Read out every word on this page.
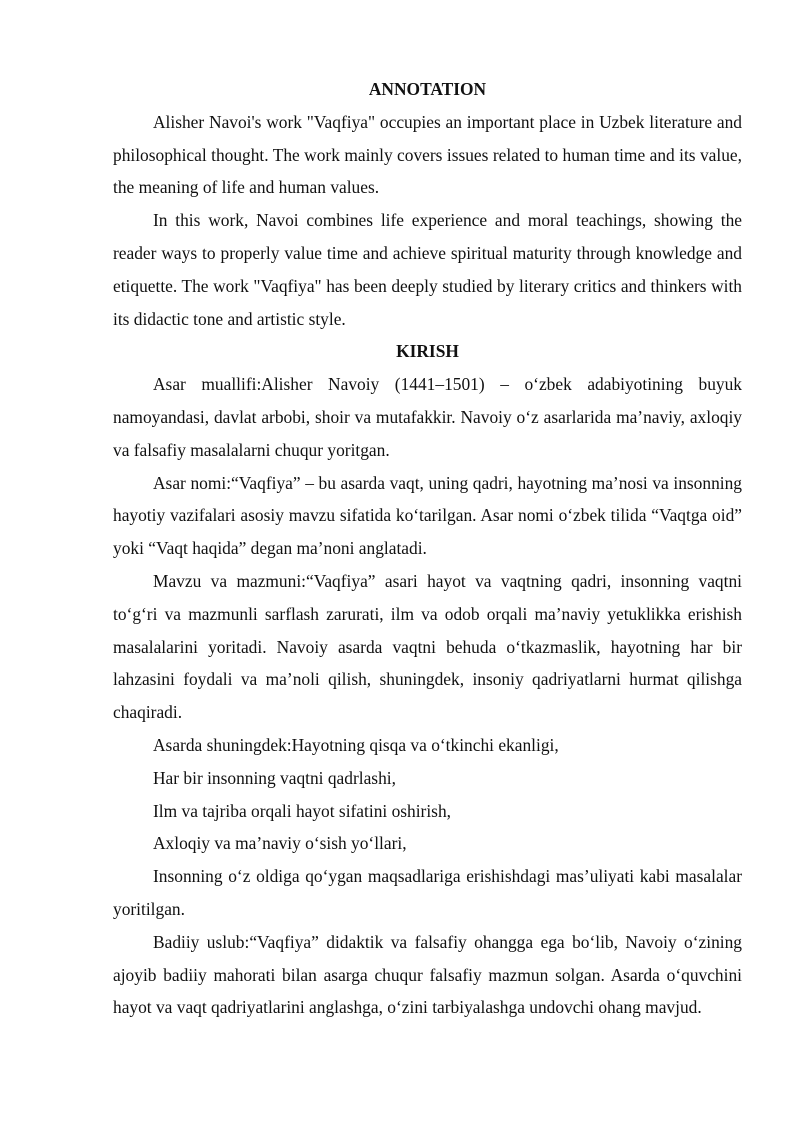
ANNOTATION

Alisher Navoi's work "Vaqfiya" occupies an important place in Uzbek literature and philosophical thought. The work mainly covers issues related to human time and its value, the meaning of life and human values.

In this work, Navoi combines life experience and moral teachings, showing the reader ways to properly value time and achieve spiritual maturity through knowledge and etiquette. The work "Vaqfiya" has been deeply studied by literary critics and thinkers with its didactic tone and artistic style.

KIRISH

Asar muallifi:Alisher Navoiy (1441–1501) – o‘zbek adabiyotining buyuk namoyandasi, davlat arbobi, shoir va mutafakkir. Navoiy o‘z asarlarida ma’naviy, axloqiy va falsafiy masalalarni chuqur yoritgan.

Asar nomi:“Vaqfiya” – bu asarda vaqt, uning qadri, hayotning ma’nosi va insonning hayotiy vazifalari asosiy mavzu sifatida ko‘tarilgan. Asar nomi o‘zbek tilida “Vaqtga oid” yoki “Vaqt haqida” degan ma’noni anglatadi.

Mavzu va mazmuni:“Vaqfiya” asari hayot va vaqtning qadri, insonning vaqtni to‘g‘ri va mazmunli sarflash zarurati, ilm va odob orqali ma’naviy yetuklikka erishish masalalarini yoritadi. Navoiy asarda vaqtni behuda o‘tkazmaslik, hayotning har bir lahzasini foydali va ma’noli qilish, shuningdek, insoniy qadriyatlarni hurmat qilishga chaqiradi.

Asarda shuningdek:Hayotning qisqa va o‘tkinchi ekanligi,

Har bir insonning vaqtni qadrlashi,

Ilm va tajriba orqali hayot sifatini oshirish,

Axloqiy va ma’naviy o‘sish yo‘llari,

Insonning o‘z oldiga qo‘ygan maqsadlariga erishishdagi mas’uliyati kabi masalalar yoritilgan.

Badiiy uslub:“Vaqfiya” didaktik va falsafiy ohangga ega bo‘lib, Navoiy o‘zining ajoyib badiiy mahorati bilan asarga chuqur falsafiy mazmun solgan. Asarda o‘quvchini hayot va vaqt qadriyatlarini anglashga, o‘zini tarbiyalashga undovchi ohang mavjud.
